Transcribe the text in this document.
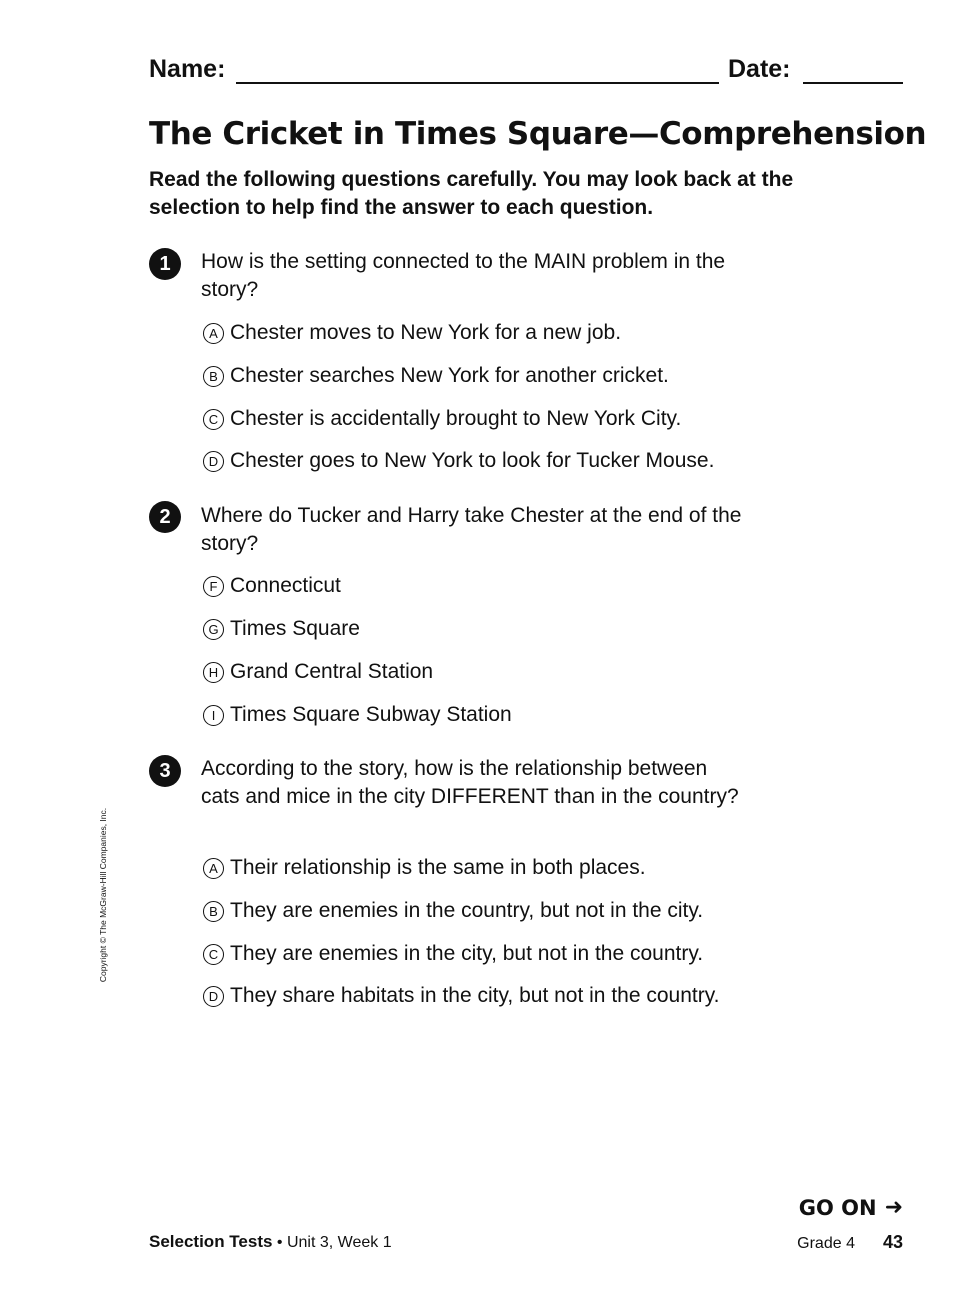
Name:	Date:
The Cricket in Times Square—Comprehension

Read the following questions carefully. You may look back at the selection to help find the answer to each question.

1	How is the setting connected to the MAIN problem in the story?

A Chester moves to New York for a new job.
B Chester searches New York for another cricket.
C Chester is accidentally brought to New York City.
D Chester goes to New York to look for Tucker Mouse.
2	Where do Tucker and Harry take Chester at the end of the story?

F Connecticut
G Times Square
H Grand Central Station
I Times Square Subway Station
3	According to the story, how is the relationship between cats and mice in the city DIFFERENT than in the country?

A Their relationship is the same in both places.
B They are enemies in the country, but not in the city.
C They are enemies in the city, but not in the country.
D They share habitats in the city, but not in the country.
Copyright © The McGraw-Hill Companies, Inc.
GO ON ➜
Selection Tests • Unit 3, Week 1	Grade 4 43
